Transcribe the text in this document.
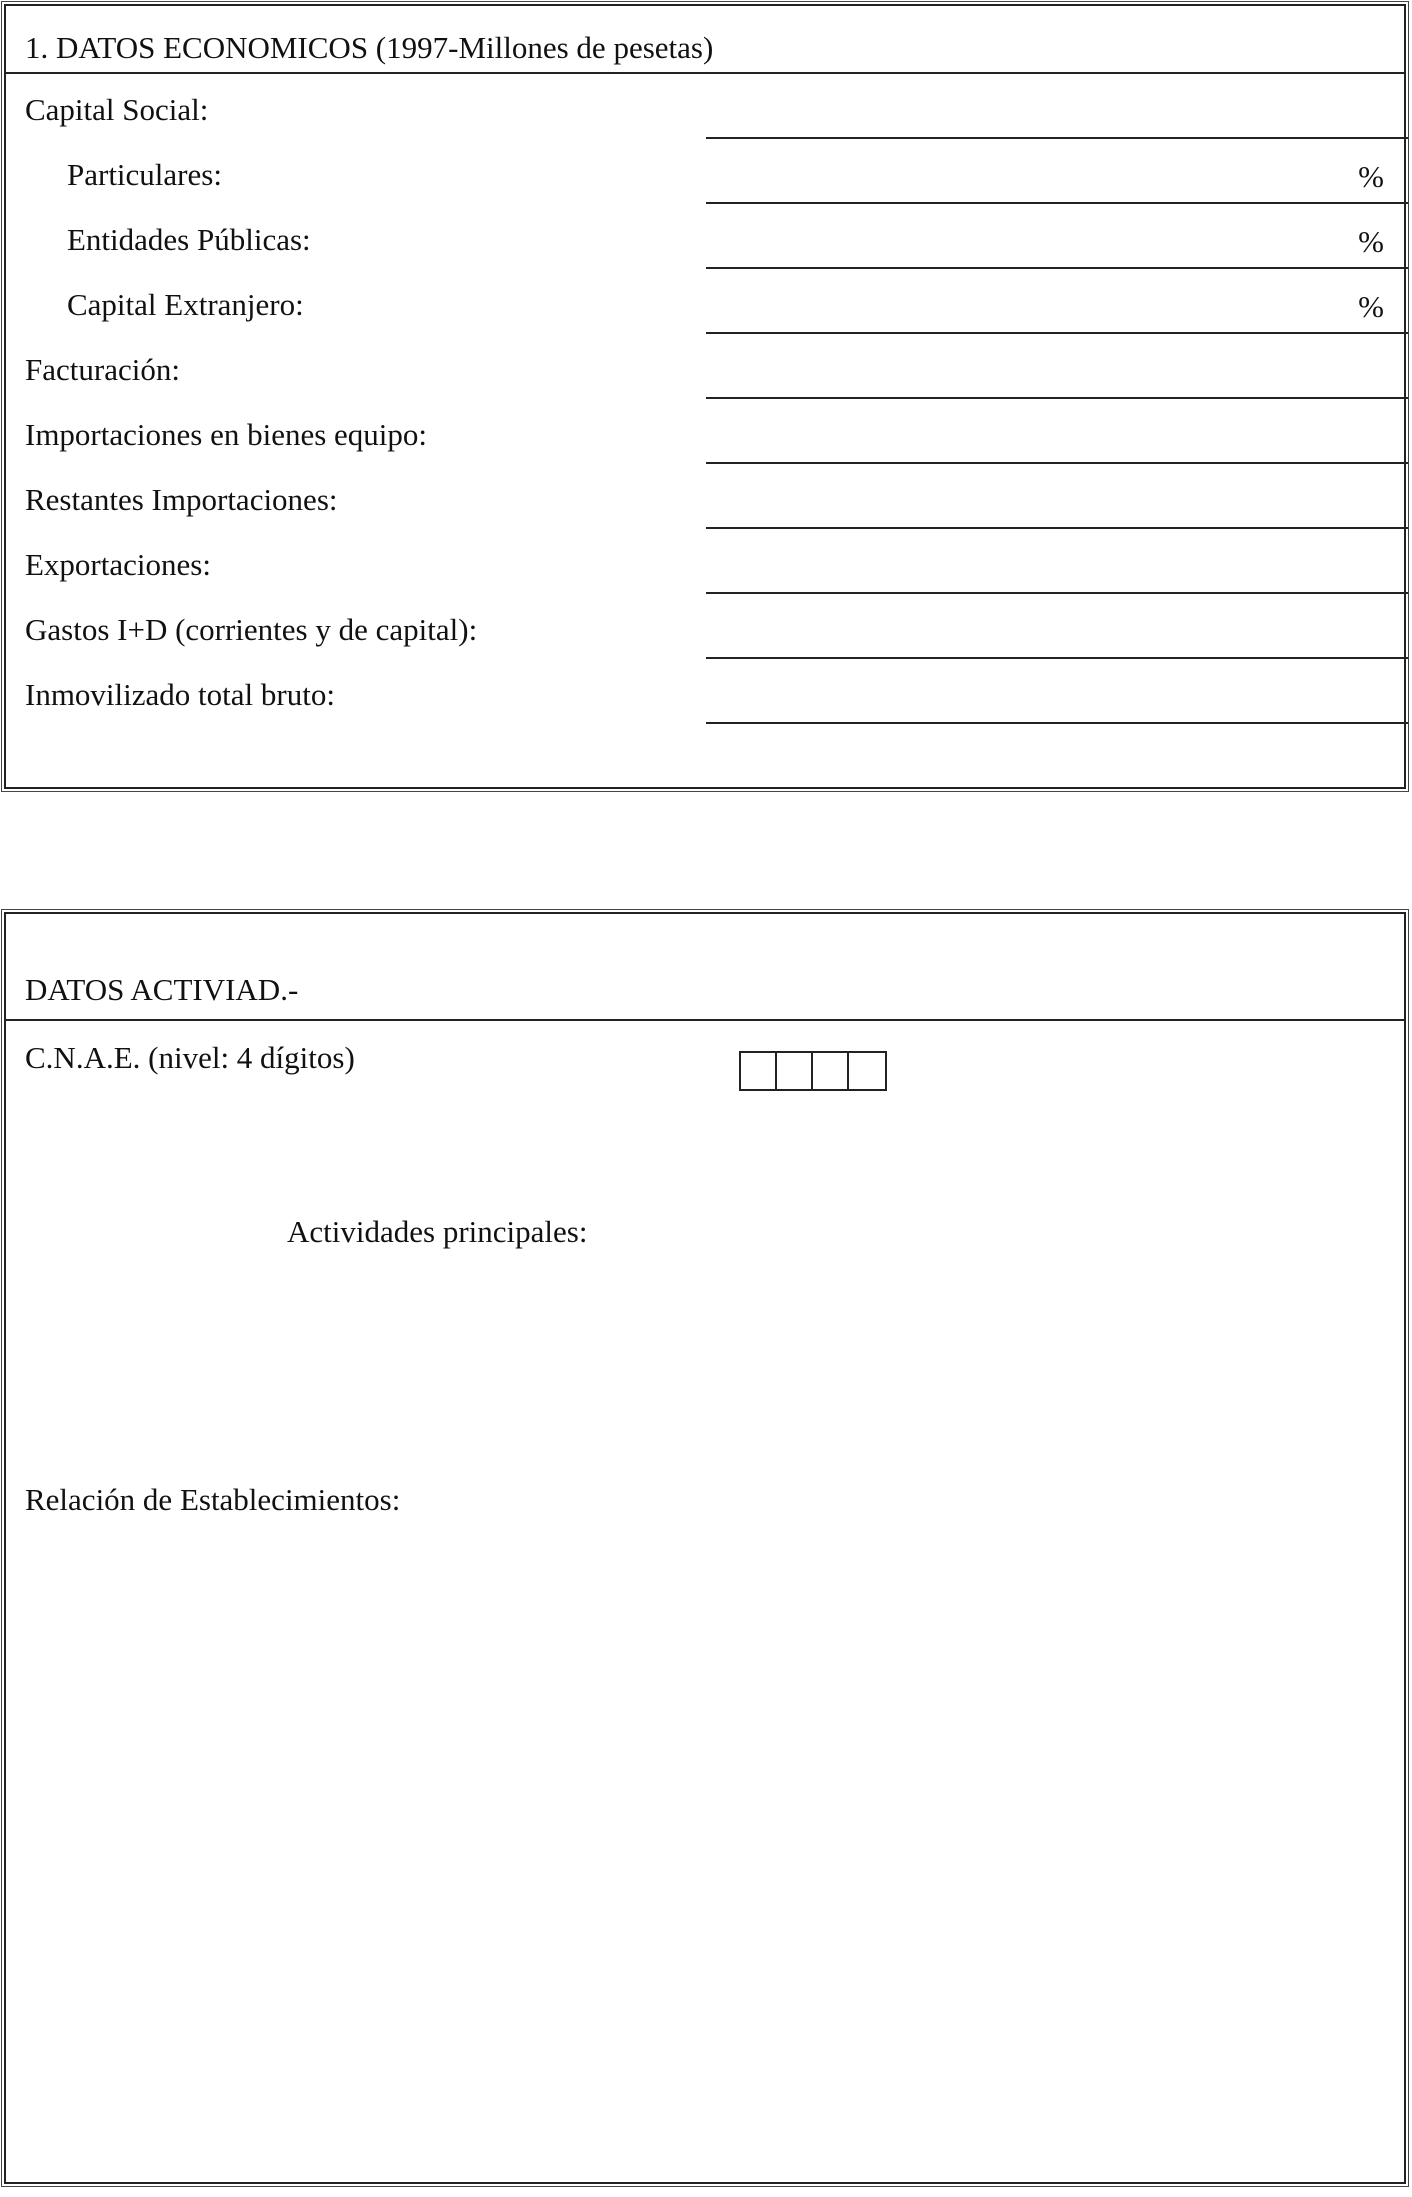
1. DATOS ECONOMICOS (1997-Millones de pesetas)
Capital Social:
Particulares:	%
Entidades Públicas:	%
Capital Extranjero:	%
Facturación:
Importaciones en bienes equipo:
Restantes Importaciones:
Exportaciones:
Gastos I+D (corrientes y de capital):
Inmovilizado total bruto:
DATOS ACTIVIAD.-
C.N.A.E. (nivel: 4 dígitos)
Actividades principales:
Relación de Establecimientos:
